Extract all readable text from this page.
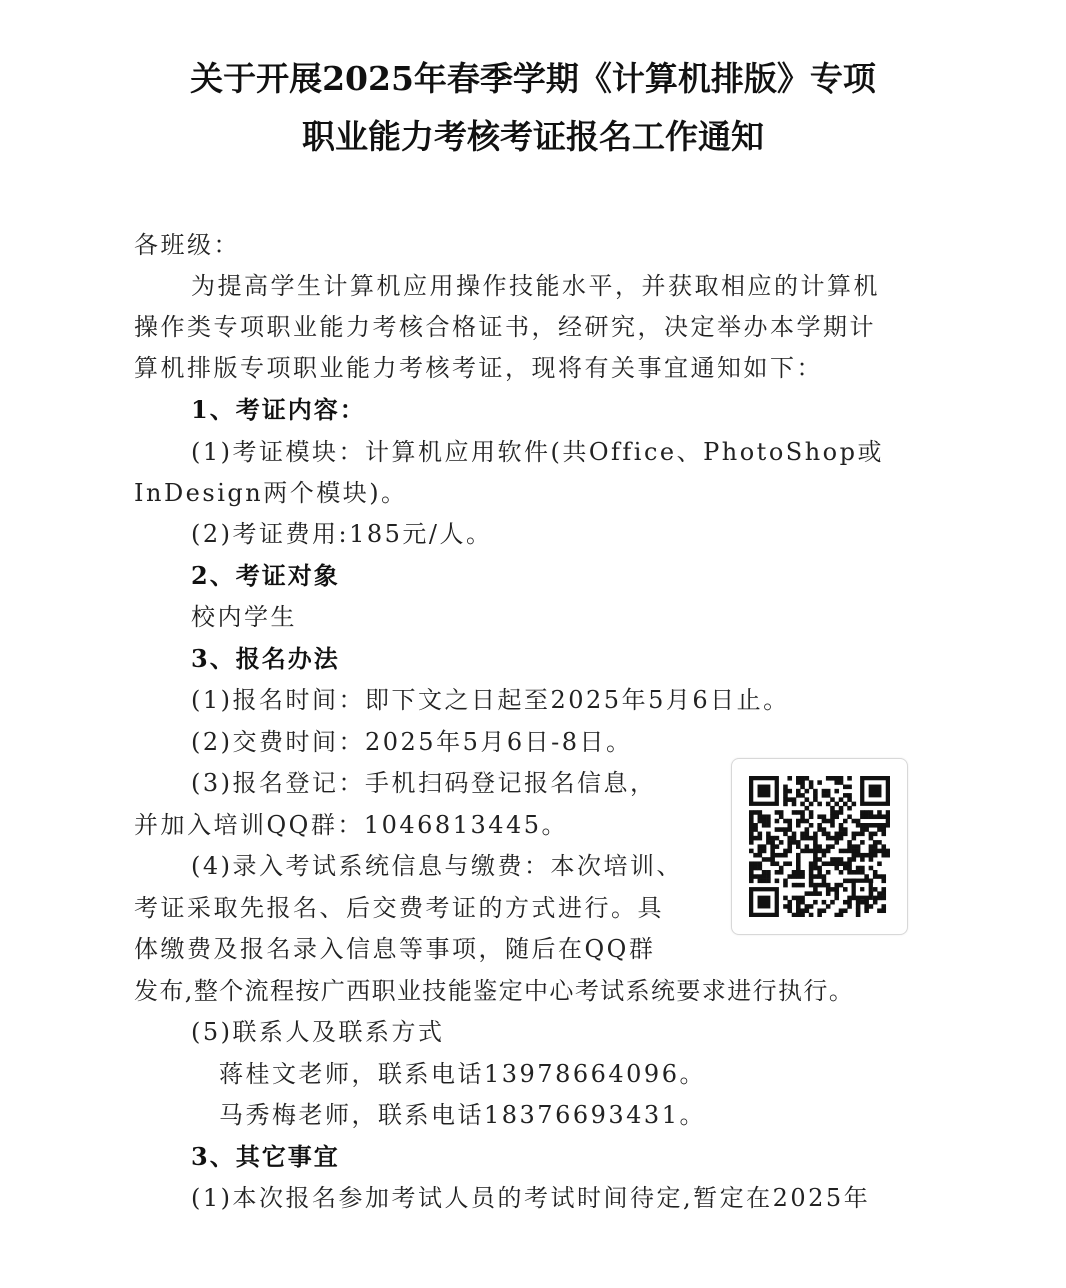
关于开展2025年春季学期《计算机排版》专项
职业能力考核考证报名工作通知
各班级：
为提高学生计算机应用操作技能水平，并获取相应的计算机
操作类专项职业能力考核合格证书，经研究，决定举办本学期计
算机排版专项职业能力考核考证，现将有关事宜通知如下：
1、考证内容：
(1)考证模块：计算机应用软件(共Office、PhotoShop或
InDesign两个模块)。
(2)考证费用:185元/人。
2、考证对象
校内学生
3、报名办法
(1)报名时间：即下文之日起至2025年5月6日止。
(2)交费时间：2025年5月6日-8日。
(3)报名登记：手机扫码登记报名信息，
并加入培训QQ群：1046813445。
(4)录入考试系统信息与缴费：本次培训、
考证采取先报名、后交费考证的方式进行。具
体缴费及报名录入信息等事项，随后在QQ群
发布,整个流程按广西职业技能鉴定中心考试系统要求进行执行。
(5)联系人及联系方式
蒋桂文老师，联系电话13978664096。
马秀梅老师，联系电话18376693431。
3、其它事宜
(1)本次报名参加考试人员的考试时间待定,暂定在2025年
